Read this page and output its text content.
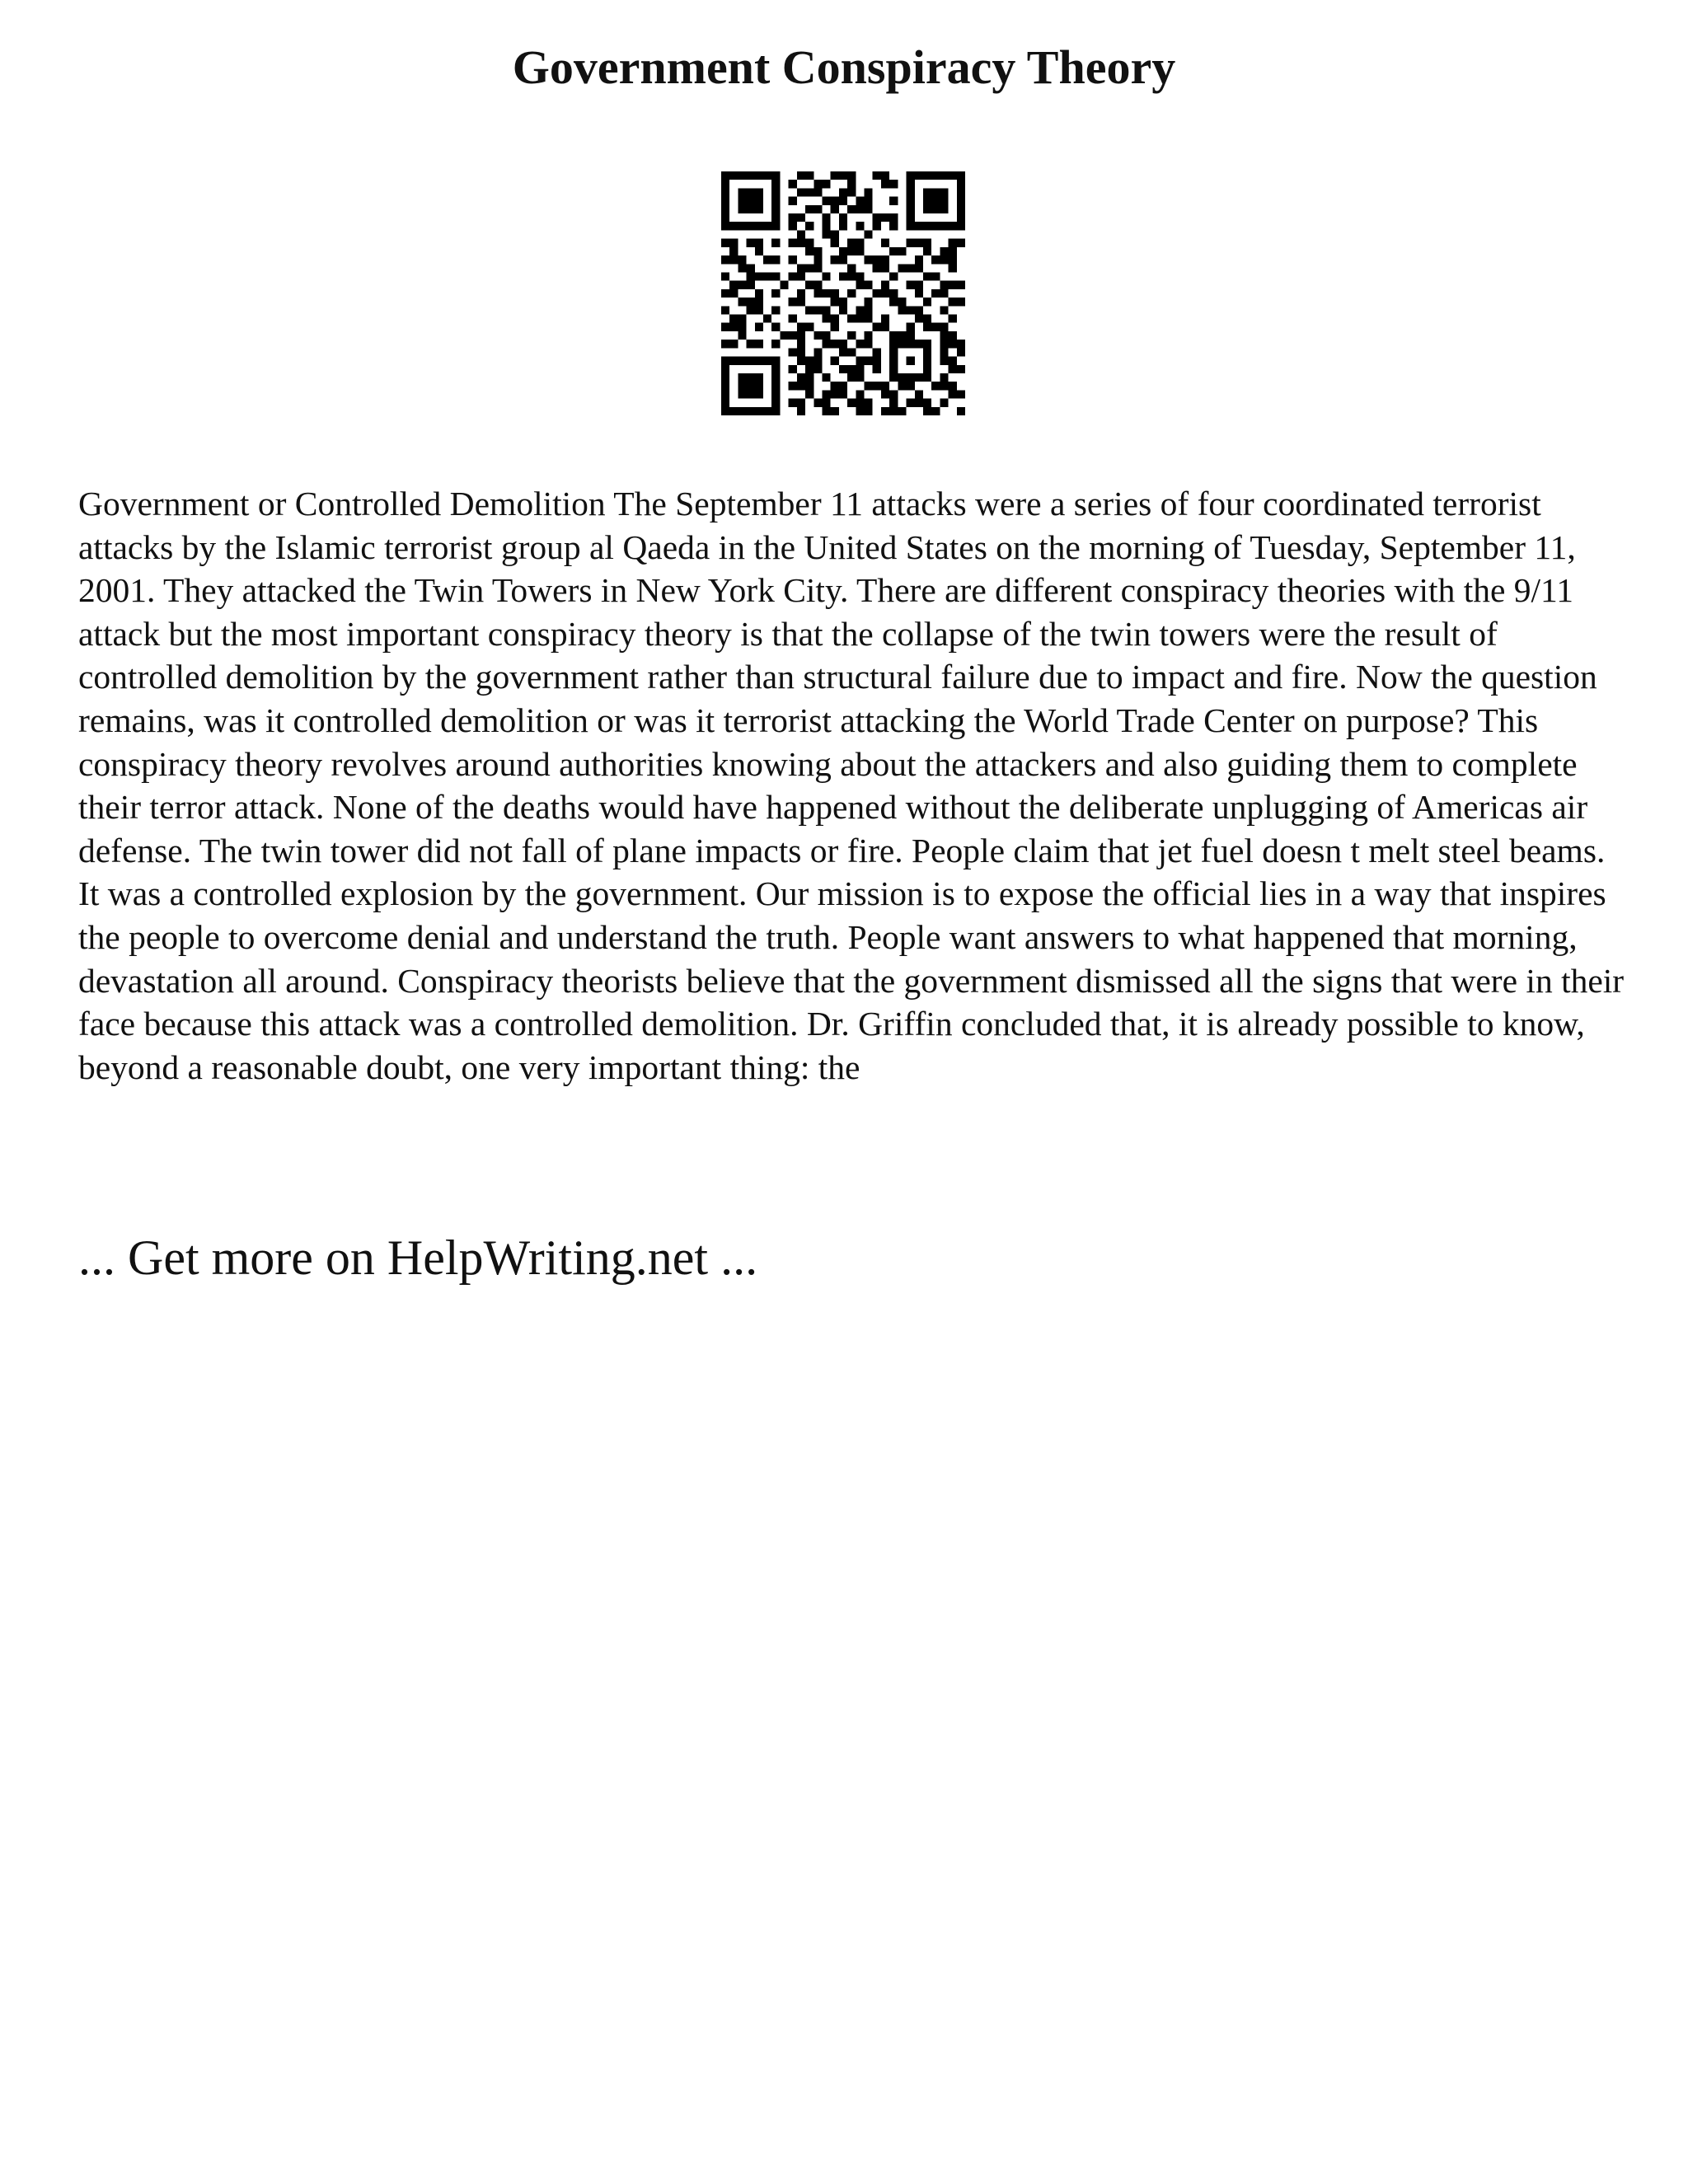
Government Conspiracy Theory

Government or Controlled Demolition The September 11 attacks were a series of four coordinated terrorist attacks by the Islamic terrorist group al Qaeda in the United States on the morning of Tuesday, September 11, 2001. They attacked the Twin Towers in New York City. There are different conspiracy theories with the 9/11 attack but the most important conspiracy theory is that the collapse of the twin towers were the result of controlled demolition by the government rather than structural failure due to impact and fire. Now the question remains, was it controlled demolition or was it terrorist attacking the World Trade Center on purpose? This conspiracy theory revolves around authorities knowing about the attackers and also guiding them to complete their terror attack. None of the deaths would have happened without the deliberate unplugging of Americas air defense. The twin tower did not fall of plane impacts or fire. People claim that jet fuel doesn t melt steel beams. It was a controlled explosion by the government. Our mission is to expose the official lies in a way that inspires the people to overcome denial and understand the truth. People want answers to what happened that morning, devastation all around. Conspiracy theorists believe that the government dismissed all the signs that were in their face because this attack was a controlled demolition. Dr. Griffin concluded that, it is already possible to know, beyond a reasonable doubt, one very important thing: the

... Get more on HelpWriting.net ...
